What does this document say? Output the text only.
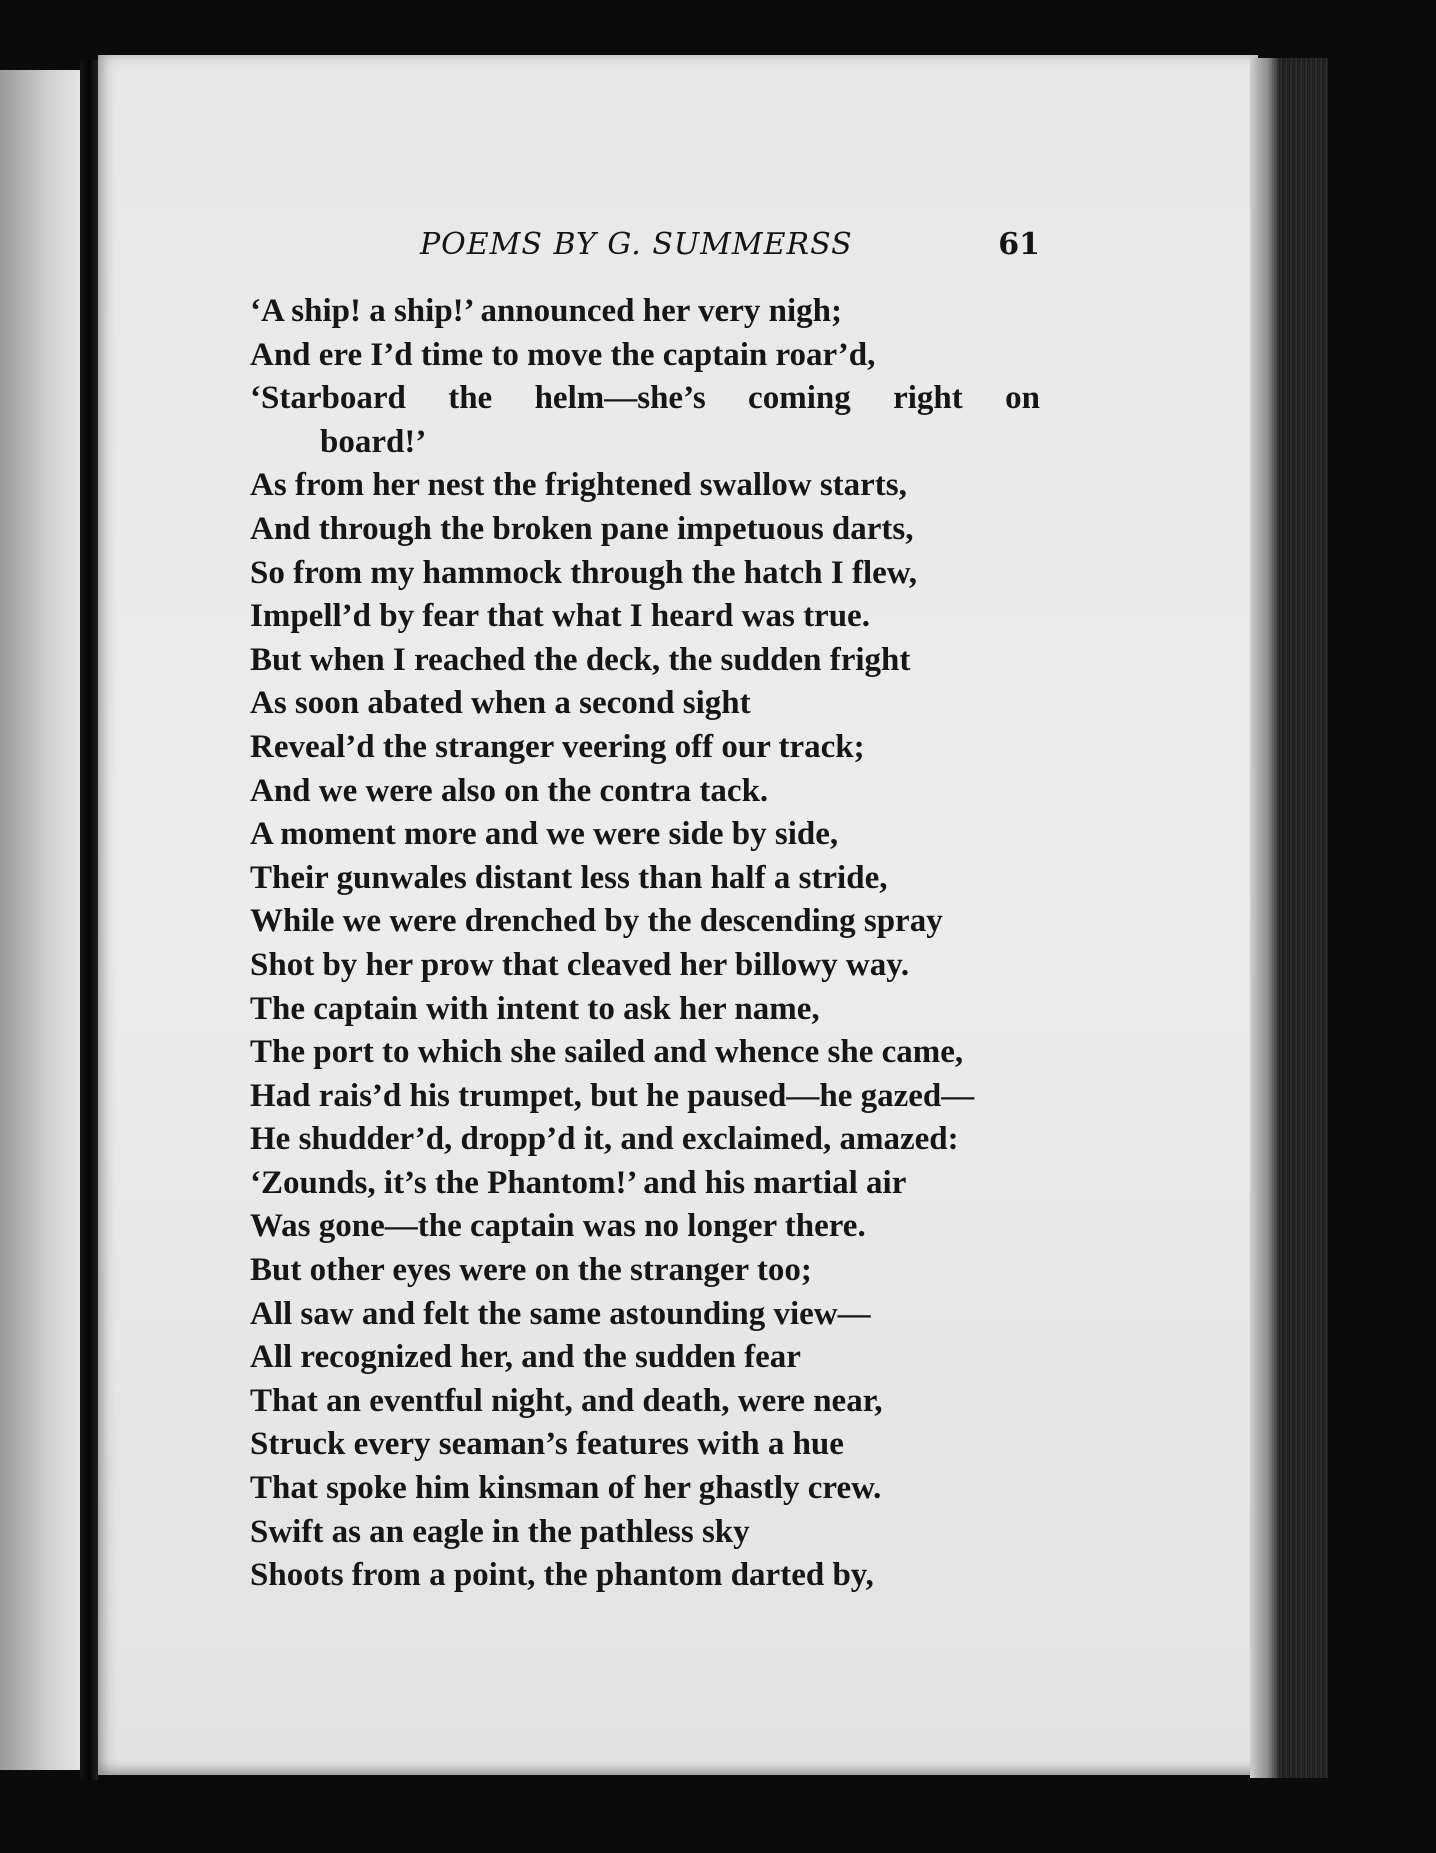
POEMS BY G. SUMMERSS	61
‘A ship! a ship!’ announced her very nigh;
And ere I’d time to move the captain roar’d,
‘Starboard the helm—she’s coming right on
board!’
As from her nest the frightened swallow starts,
And through the broken pane impetuous darts,
So from my hammock through the hatch I flew,
Impell’d by fear that what I heard was true.
But when I reached the deck, the sudden fright
As soon abated when a second sight
Reveal’d the stranger veering off our track;
And we were also on the contra tack.
A moment more and we were side by side,
Their gunwales distant less than half a stride,
While we were drenched by the descending spray
Shot by her prow that cleaved her billowy way.
The captain with intent to ask her name,
The port to which she sailed and whence she came,
Had rais’d his trumpet, but he paused—he gazed—
He shudder’d, dropp’d it, and exclaimed, amazed:
‘Zounds, it’s the Phantom!’ and his martial air
Was gone—the captain was no longer there.
But other eyes were on the stranger too;
All saw and felt the same astounding view—
All recognized her, and the sudden fear
That an eventful night, and death, were near,
Struck every seaman’s features with a hue
That spoke him kinsman of her ghastly crew.
Swift as an eagle in the pathless sky
Shoots from a point, the phantom darted by,
